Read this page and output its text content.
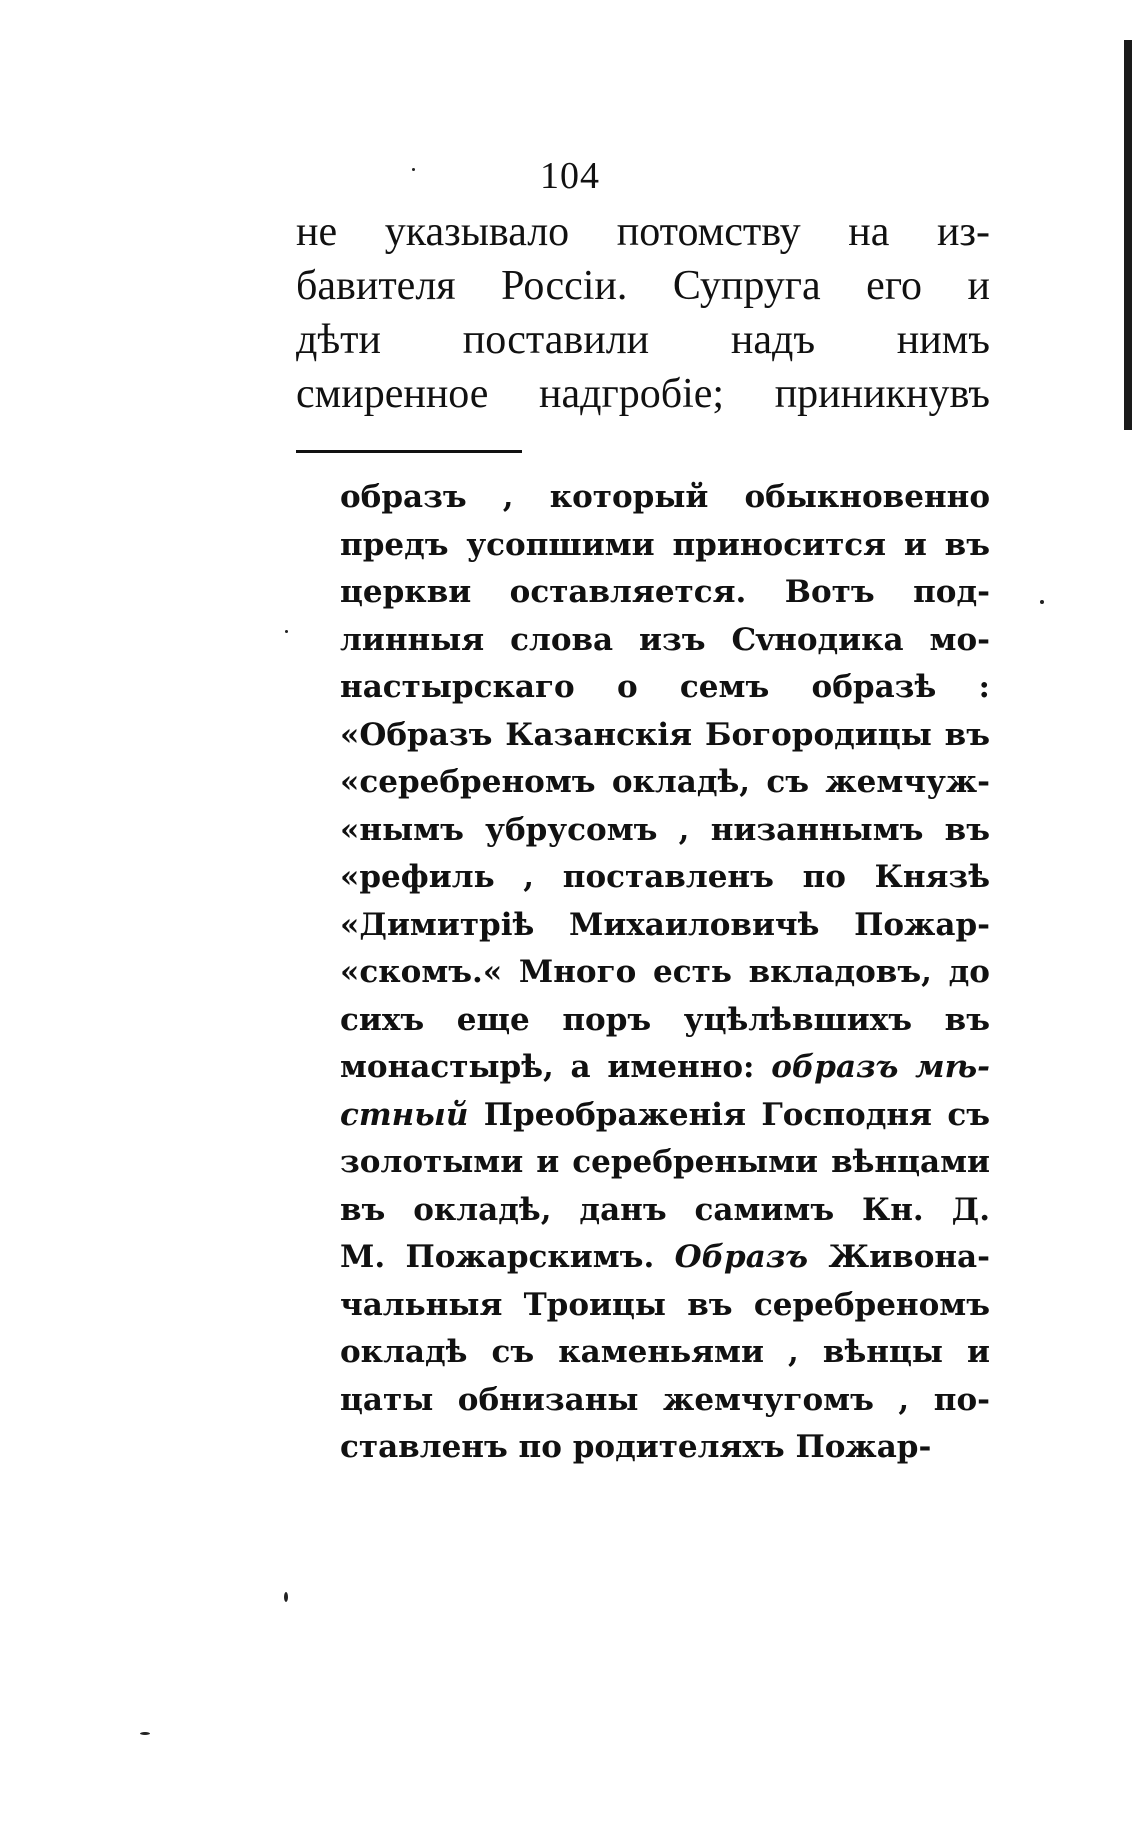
104
не указывало потомству на из-
бавителя Россіи. Супруга его и
дѣти поставили надъ нимъ
смиренное надгробіе; приникнувъ
образъ , который обыкновенно
предъ усопшими приносится и въ
церкви оставляется. Вотъ под-
линныя слова изъ Сvнодика мо-
настырскаго о семъ образѣ :
«Образъ Казанскія Богородицы въ
«серебреномъ окладѣ, съ жемчуж-
«нымъ убрусомъ , низаннымъ въ
«рефиль , поставленъ по Князѣ
«Димитріѣ Михаиловичѣ Пожар-
«скомъ.« Много есть вкладовъ, до
сихъ еще поръ уцѣлѣвшихъ въ
монастырѣ, а именно: образъ мѣ-
стный Преображенія Господня съ
золотыми и серебреными вѣнцами
въ окладѣ, данъ самимъ Кн. Д.
М. Пожарскимъ. Образъ Живона-
чальныя Троицы въ серебреномъ
окладѣ съ каменьями , вѣнцы и
цаты обнизаны жемчугомъ , по-
ставленъ по родителяхъ Пожар-
